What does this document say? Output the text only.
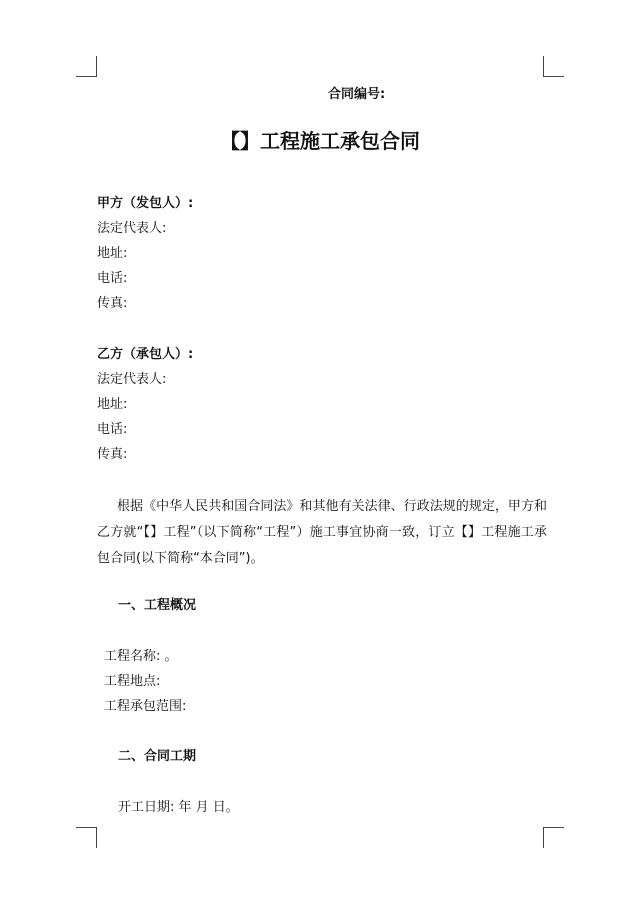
合同编号:
【】工程施工承包合同
甲方（发包人）:
法定代表人:
地址:
电话:
传真:
乙方（承包人）:
法定代表人:
地址:
电话:
传真:

根据《中华人民共和国合同法》和其他有关法律、行政法规的规定，甲方和乙方就“【】工程”（以下简称“工程”）施工事宜协商一致，订立【】工程施工承包合同(以下简称“本合同”)。

一、工程概况
工程名称: 。
工程地点:
工程承包范围:
二、合同工期
开工日期: 年 月 日。
